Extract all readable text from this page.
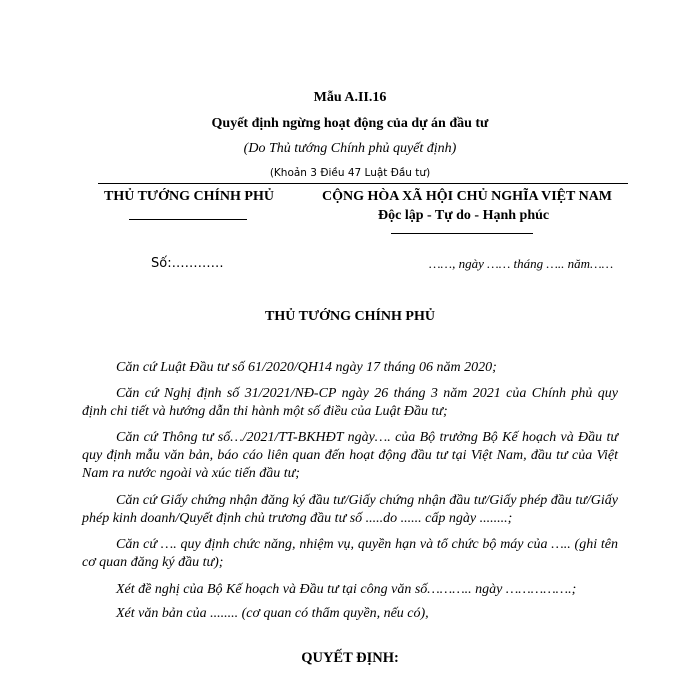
Mẫu A.II.16
Quyết định ngừng hoạt động của dự án đầu tư
(Do Thủ tướng Chính phủ quyết định)
(Khoản 3 Điều 47 Luật Đầu tư)
THỦ TƯỚNG CHÍNH PHỦ	CỘNG HÒA XÃ HỘI CHỦ NGHĨA VIỆT NAM
Độc lập - Tự do - Hạnh phúc
Số:…………	……, ngày …… tháng ….. năm……
THỦ TƯỚNG CHÍNH PHỦ
Căn cứ Luật Đầu tư số 61/2020/QH14 ngày 17 tháng 06 năm 2020;
Căn cứ Nghị định số 31/2021/NĐ-CP ngày 26 tháng 3 năm 2021 của Chính phủ quy định chi tiết và hướng dẫn thi hành một số điều của Luật Đầu tư;
Căn cứ Thông tư số…/2021/TT-BKHĐT ngày…. của Bộ trưởng Bộ Kế hoạch và Đầu tư quy định mẫu văn bản, báo cáo liên quan đến hoạt động đầu tư tại Việt Nam, đầu tư của Việt Nam ra nước ngoài và xúc tiến đầu tư;
Căn cứ Giấy chứng nhận đăng ký đầu tư/Giấy chứng nhận đầu tư/Giấy phép đầu tư/Giấy phép kinh doanh/Quyết định chủ trương đầu tư số .....do ...... cấp ngày ........;
Căn cứ …. quy định chức năng, nhiệm vụ, quyền hạn và tổ chức bộ máy của ….. (ghi tên cơ quan đăng ký đầu tư);
Xét đề nghị của Bộ Kế hoạch và Đầu tư tại công văn số……….. ngày …………….;
Xét văn bản của ........ (cơ quan có thẩm quyền, nếu có),
QUYẾT ĐỊNH:
